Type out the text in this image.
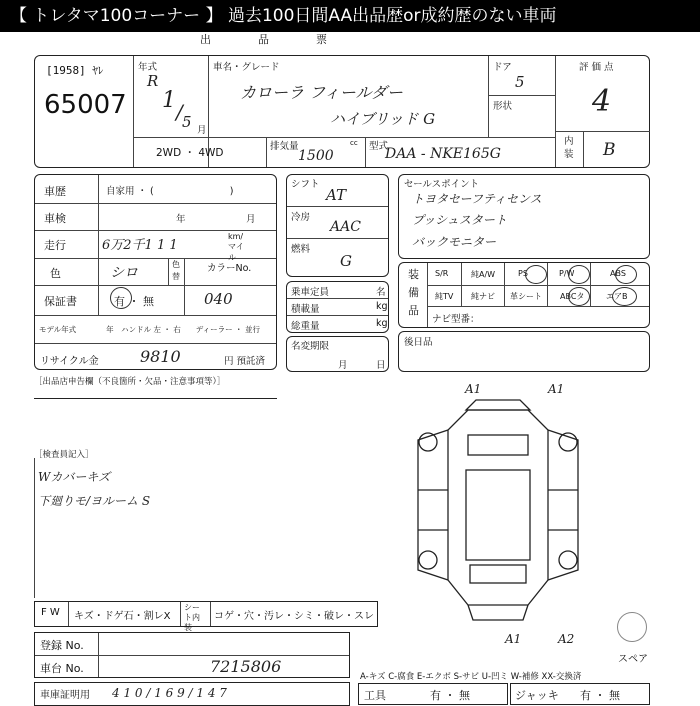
【 トレタマ100コーナー 】 過去100日間AA出品歴or成約歴のない車両
出　品　票
[1958] ﾔﾚ
65007
年式
R
1 / 5 月
車名・グレード
カローラ フィールダー
ハイブリッド G
ドア
5
形状
評価点
4
内装 B
2WD ・ 4WD
排気量	cc
1500
型式
DAA - NKE165G
車歴	自家用 ・ (　　　　　　　　)
車検	年	月
走行	6万2千1 1 1
km/マイル
色	シロ
色替
カラーNo.
保証書	有 ・ 無	040
モデル年式　　　　年　ハンドル 左 ・ 右　　ディーラー ・ 並行
リサイクル金	9810	円 預託済
シフト
AT
冷房
AAC
燃料
G
乗車定員	名
積載量	kg
総重量	kg
名変期限
月	日
セールスポイント
トヨタセーフティセンス
プッシュスタート
バックモニター
装備品
S/R	純A/W	PS	P/W	ABS
純TV 純ナビ 革シート ABCタ	エアB
ナビ型番：
後日品
［出品店申告欄（不良箇所・欠品・注意事項等）］
［検査員記入］
Wカバーキズ
下廻りモ/ヨルーム S
A1	A1
A1	A2
スペア
F W キズ・ドゲ石・割レX
シート内装
コゲ・穴・汚レ・シミ・破レ・スレ
登録 No.
車台 No.	7215806
車庫証明用 4 1 0 / 1 6 9 / 1 4 7
A-キズ C-腐食 E-エクボ S-サビ U-凹ミ W-補修 XX-交換済
工具	有 ・ 無	ジャッキ 有 ・ 無
